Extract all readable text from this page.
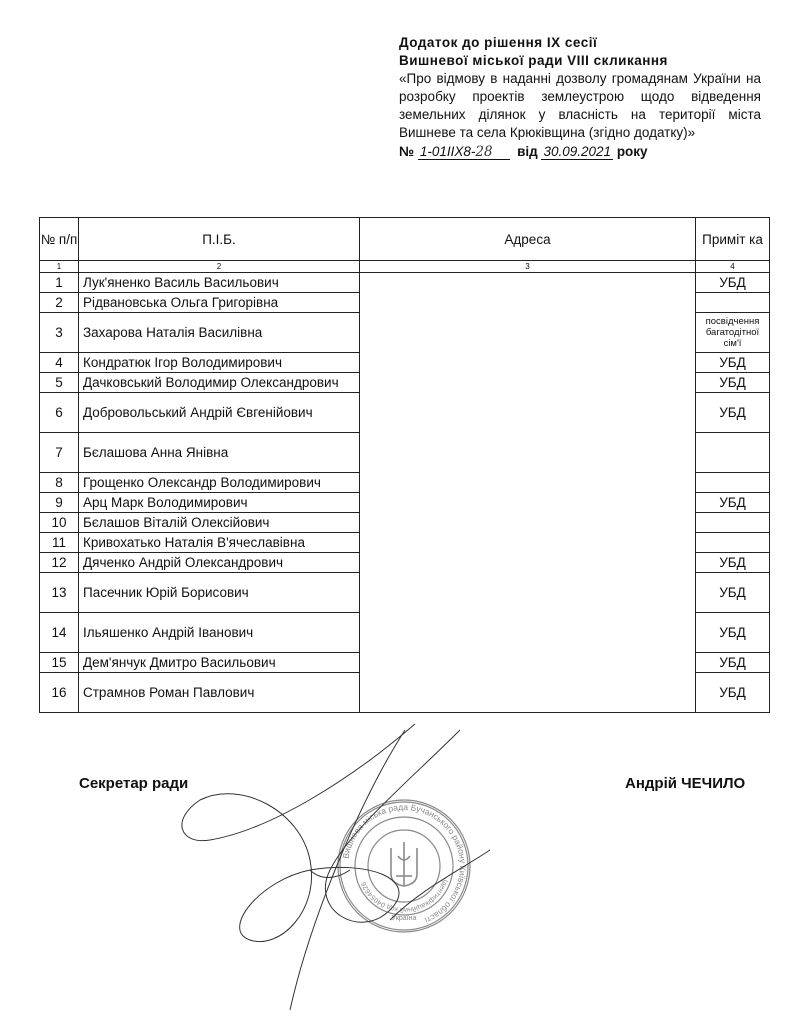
Додаток до рішення IX сесії
Вишневої міської ради VIII скликання
«Про відмову в наданні дозволу громадянам України на розробку проектів землеустрою щодо відведення земельних ділянок у власність на території міста Вишневе та села Крюківщина (згідно додатку)»
№ 1-01IIX8-28 від 30.09.2021 року
№ п/п	П.І.Б.	Адреса	Приміт ка
1	2	3	4
1	Лук'яненко Василь Васильович		УБД
2	Рідвановська Ольга Григорівна		
3	Захарова Наталія Василівна		посвідчення багатодітної сім'ї
4	Кондратюк Ігор Володимирович		УБД
5	Дачковський Володимир Олександрович		УБД
6	Добровольський Андрій Євгенійович		УБД
7	Бєлашова Анна Янівна		
8	Грощенко Олександр Володимирович		
9	Арц Марк Володимирович		УБД
10	Бєлашов Віталій Олексійович		
11	Кривохатько Наталія В'ячеславівна		
12	Дяченко Андрій Олександрович		УБД
13	Пасечник Юрій Борисович		УБД
14	Ільяшенко Андрій Іванович		УБД
15	Дем'янчук Дмитро Васильович		УБД
16	Страмнов Роман Павлович		УБД
Секретар ради	Андрій ЧЕЧИЛО
Вишнева міська рада Бучанського району Київської області
Ідентифікаційний код 04054626
Україна
